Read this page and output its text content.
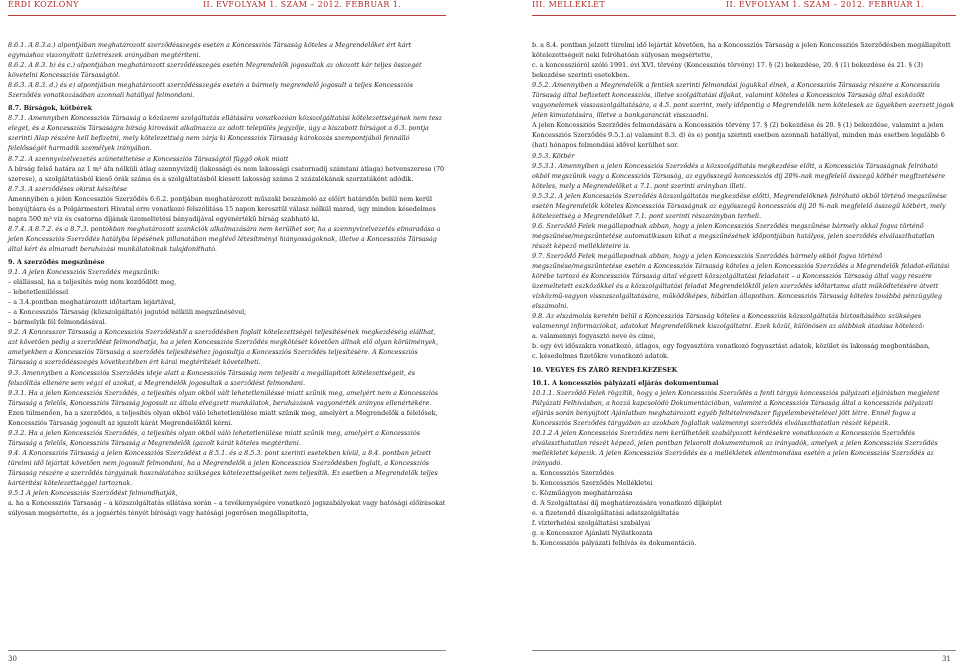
ÉRDI KÖZLÖNY	II. ÉVFOLYAM 1. SZÁM – 2012. FEBRUÁR 1.	III. MELLÉKLET	II. ÉVFOLYAM 1. SZÁM – 2012. FEBRUÁR 1.

8.6.1. A 8.3.a.) alpontjában meghatározott szerződésszegés esetén a Koncessziós Társaság köteles a Megrendelőket ért kárt egymáshoz viszonyított üzletrészek arányában megtéríteni.

8.6.2. A 8.3. b) és c.) alpontjában meghatározott szerződésszegés esetén Megrendelők jogosultak az okozott kár teljes összegét követelni Koncessziós Társaságtól.

8.6.3. A 8.3. d.) és e) alpontjában meghatározott szerződésszegés esetén a bármely megrendelő jogosult a teljes Koncessziós Szerződés vonatkozásában azonnali hatállyal felmondani.

8.7. Bírságok, kötbérek

8.7.1. Amennyiben Koncessziós Társaság a közüzemi szolgáltatás ellátására vonatkozóan közszolgáltatási kötelezettségének nem tesz eleget, és a Koncessziós Társaságra bírság kirovását alkalmazza az adott település jegyzője, úgy a kiszabott bírságot a 6.3. pontja szerinti Alap részére kell befizetni, mely kötelezettség nem zárja ki Koncessziós Társaság károkozás szempontjából fennálló felelősségét harmadik személyek irányában.

8.7.2. A szennyvízelvezetés szüneteltetése a Koncessziós Társaságtól függő okok miatt

A bírság felső határa az 1 m³ áfa nélküli átlag szennyvízdíj (lakossági és nem lakossági csatornadíj számtani átlaga) hetvenszerese (70 szerese), a szolgáltatásból kieső órák száma és a szolgáltatásból kiesett lakosság száma 2 százalékának szorzatáként adódik.

8.7.3. A szerződéses okirat készítése

Amennyiben a jelen Koncessziós Szerződés 6.6.2. pontjában meghatározott műszaki beszámoló az előírt határidőn belül nem kerül benyújtásra és a Polgármesteri Hivatal erre vonatkozó felszólítása 15 napon keresztül válasz nélkül marad, úgy minden késedelmes napra 500 m³ víz és csatorna díjának üzemeltetési bányadíjával egyenértékű bírság szabható ki.

8.7.4. A 8.7.2. és a 8.7.3. pontokban meghatározott szankciók alkalmazására nem kerülhet sor, ha a szennyvízelvezetés elmaradása a jelen Koncessziós Szerződés hatályba lépésének pillanatában meglévő létesítményi hiányosságoknak, illetve a Koncessziós Társaság által kért és elmaradt beruházási munkálatoknak tulajdonítható.

9. A szerződés megszűnése

9.1. A jelen Koncessziós Szerződés megszűnik:

– elállással, ha a teljesítés még nem kezdődött meg,

– lehetetlenüléssel

– a 3.4.pontban meghatározott időtartam lejártával,

– a Koncessziós Társaság (közszolgáltató) jogutód nélküli megszűnésével,

– bármelyik fél felmondásával.

9.2. A Koncesszor Társaság a Koncessziós Szerződéstől a szerződésben foglalt kötelezettségei teljesítésének megkezdéséig elállhat, azt követően pedig a szerződést felmondhatja, ha a jelen Koncessziós Szerződés megkötését követően állnak elő olyan körülmények, amelyekben a Koncessziós Társaság a szerződés teljesítéséhez jogosultja a Koncessziós Szerződés teljesítésére. A Koncessziós Társaság a szerződésszegés következtében ért kárai megtérítését követelheti.

9.3. Amennyiben a Koncessziós Szerződés ideje alatt a Koncessziós Társaság nem teljesíti a megállapított kötelezettségeit, és felszólítás ellenére sem végzi el azokat, a Megrendelők jogosultak a szerződést felmondani.

9.3.1. Ha a jelen Koncessziós Szerződés, a teljesítés olyan okból vált lehetetlenüléssé miatt szűnik meg, amelyért nem a Koncessziós Társaság a felelős, Koncessziós Társaság jogosult az általa elvégzett munkálatok, beruházások vagyonérték arányos ellenértékére.

Ezen túlmenően, ha a szerződés, a teljesítés olyan okból váló lehetetlenülése miatt szűnik meg, amelyért a Megrendelők a felelősek, Koncessziós Társaság jogosult az igazolt kárát Megrendelőktől kérni.

9.3.2. Ha a jelen Koncessziós Szerződés, a teljesítés olyan okból váló lehetetlenülése miatt szűnik meg, amelyért a Koncessziós Társaság a felelős, Koncessziós Társaság a Megrendelők igazolt kárát köteles megtéríteni.

9.4. A Koncessziós Társaság a jelen Koncessziós Szerződést a 8.5.1. és a 8.5.3. pont szerinti esetekben kívül, a 8.4. pontban jelzett türelmi idő lejártát követően nem jogosult felmondani, ha a Megrendelők a jelen Koncessziós Szerződésben foglalt, a Koncessziós Társaság részére a szerződés tárgyának használatához szükséges kötelezettségeiket nem teljesítik. Ez esetben a Megrendelők teljes kártérítési kötelezettséggel tartoznak.

9.5.1 A jelen Koncessziós Szerződést felmondhatják,

a. ha a Koncessziós Társaság – a közszolgáltatás ellátása során – a tevékenységére vonatkozó jogszabályokat vagy hatósági előírásokat súlyosan megsértette, és a jogsértés tényét bírósági vagy hatósági jogerősen megállapította,

b. a 8.4. pontban jelzett türelmi idő lejártát követően, ha a Koncessziós Társaság a jelen Koncessziós Szerződésben megállapított kötelezettségeit neki felróhatóan súlyosan megsértette,

c. a koncesszióról szóló 1991. évi XVI. törvény (Koncessziós törvény) 17. § (2) bekezdése, 20. § (1) bekezdése és 21. § (3) bekezdése szerinti esetekben.

9.5.2. Amennyiben a Megrendelők a fentiek szerinti felmondási jogukkal élnek, a Koncessziós Társaság részére a Koncessziós Társaság által befizetett koncessziós, illetve szolgáltatási díjakat, valamint köteles a Koncessziós Társaság által eszközölt vagyonelemek visszaszolgáltatására, a 4.5. pont szerint, mely időpontig a Megrendelők nem kötelesek az ügyekben szerzett jogok jelen kimutatására, illetve a bankgaranciát visszaadni.

A jelen Koncessziós Szerződés felmondására a Koncessziós törvény 17. § (2) bekezdése és 20. § (1) bekezdése, valamint a jelen Koncessziós Szerződés 9.5.1.a) valamint 8.3. d) és e) pontja szerinti esetben azonnali hatállyal, minden más esetben legalább 6 (hat) hónapos felmondási idővel kerülhet sor.

9.5.3. Kötbér

9.5.3.1. Amennyiben a jelen Koncessziós Szerződés a közszolgáltatás megkezdése előtt, a Koncessziós Társaságnak felróható okból megszűnik vagy a Koncessziós Társaság, az egyösszegű koncessziós díj 20%-nak megfelelő összegű kötbér megfizetésére köteles, mely a Megrendelőket a 7.1. pont szerinti arányban illeti.

9.5.3.2. A jelen Koncessziós Szerződés közszolgáltatás megkezdése előtti, Megrendelőknek felróható okból történő megszűnése esetén Megrendelők köteles Koncessziós Társaságnak az egyösszegű koncessziós díj 20 %-nak megfelelő összegű kötbért, mely kötelezettség a Megrendelőket 7.1. pont szerinti részarányban terheli.

9.6. Szerződő Felek megállapodnak abban, hogy a jelen Koncessziós Szerződés megszűnése bármely okkal fogva történő megszűnése/megszűntetése automatikusan kihat a megszűnésének időpontjában hatályos, jelen szerződés elválaszthatatlan részét képező mellékleteire is.

9.7. Szerződő Felek megállapodnak abban, hogy a jelen Koncessziós Szerződés bármely okból fogva történő megszűnése/megszűntetése esetén a Koncessziós Társaság köteles a jelen Koncessziós Szerződés a Megrendelők feladat-ellátási körébe tartozó és Koncessziós Társaság által végzett közszolgáltatási feladatait – a Koncessziós Társaság által vagy részére üzemeltetett eszközökkel és a közszolgáltatási feladat Megrendelőktől jelen szerződés időtartama alatt működtetésére átvett vízközmű-vagyon visszaszolgáltatására, működőképes, hibátlan állapotban. Koncessziós Társaság köteles továbbá pénzügyileg elszámolni.

9.8. Az elszámolás keretén belül a Koncessziós Társaság köteles a Koncessziós közszolgáltatás biztosításához szükséges valamennyi információkat, adatokat Megrendelőknek kiszolgáltatni. Ezek közül, különösen az alábbiak átadása kötelező:

a. valamennyi fogyasztó neve és címe,

b. egy évi időszakra vonatkozó, átlagos, egy fogyasztóra vonatkozó fogyasztást adatok, közület és lakosság megbontásban,

c. késedelmes fizetőkre vonatkozó adatok.

10. VEGYES ÉS ZÁRÓ RENDELKEZÉSEK

10.1. A koncessziós pályázati eljárás dokumentumai

10.1.1. Szerződő Felek rögzítik, hogy a jelen Koncessziós Szerződés a fenti tárgyú koncessziós pályázati eljárásban megjelent Pályázati Felhívásban, a hozzá kapcsolódó Dokumentációban, valamint a Koncessziós Társaság által a koncessziós pályázati eljárás során benyújtott Ajánlatban meghatározott egyéb feltételrendszer figyelembevételével jött létre. Ennél fogva a Koncessziós Szerződés tárgyában az azokban foglaltak valamennyi szerződés elválaszthatatlan részét képezik.

10.1.2 A jelen Koncessziós Szerződés nem kerülhetőek szabályozott kérdésekre vonatkozóan a Koncessziós Szerződés elválaszthatatlan részét képező, jelen pontban felsorolt dokumentumok az irányadók, amelyek a jelen Koncessziós Szerződés mellékletét képezik. A jelen Koncessziós Szerződés és a mellékletek ellentmondása esetén a jelen Koncessziós Szerződés az irányadó.

a. Koncessziós Szerződés

b. Koncessziós Szerződés Mellékletei

c. Közműágyon meghatározása

d. A Szolgáltatási díj meghatározására vonatkozó díjképlet

e. a fizetendő díszolgáltatási adatszolgáltatás

f. vízterhelési szolgáltatási szabályai

g. a Koncesszor Ajánlati Nyilatkozata

h. Koncessziós pályázati felhívás és dokumentáció.

30	31
